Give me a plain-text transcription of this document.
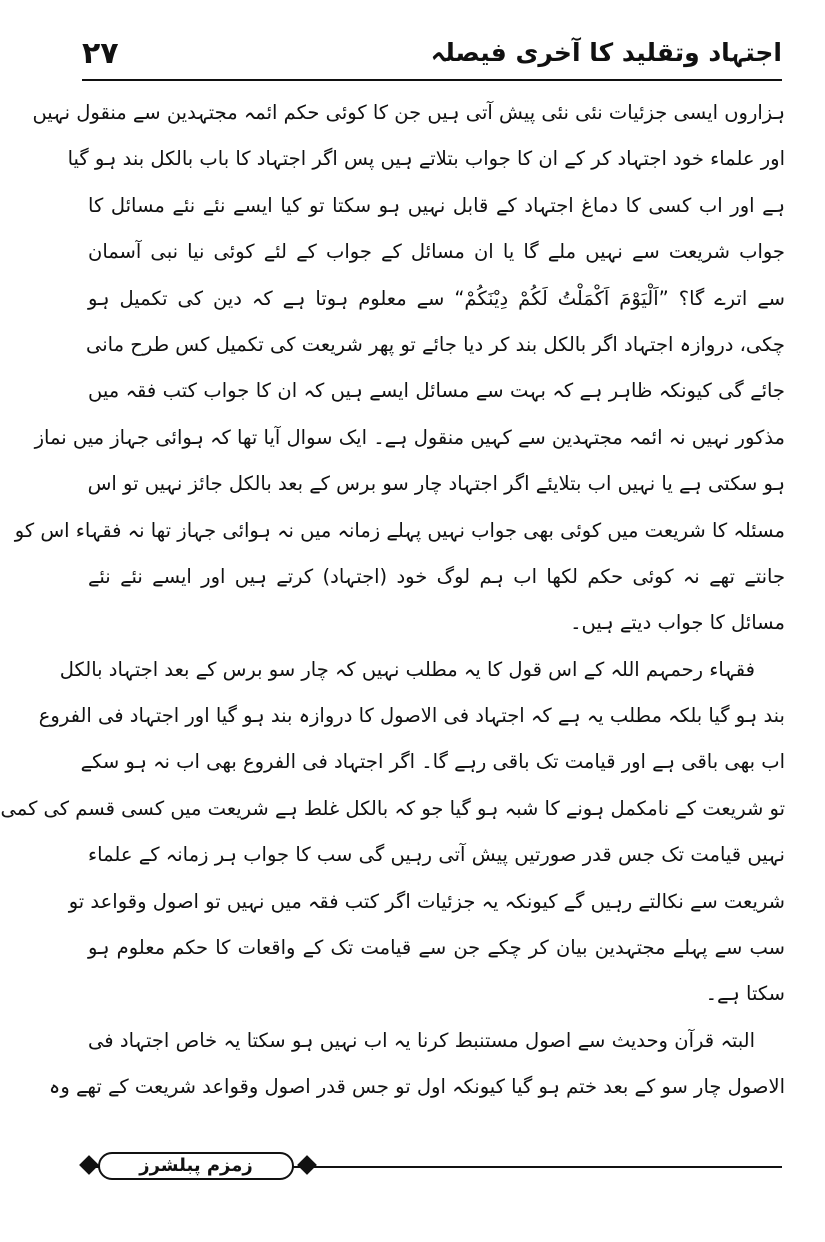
۲۷	اجتہاد وتقلید کا آخری فیصلہ
ہزاروں ایسی جزئیات نئی نئی پیش آتی ہیں جن کا کوئی حکم ائمہ مجتہدین سے منقول نہیں
اور علماء خود اجتہاد کر کے ان کا جواب بتلاتے ہیں پس اگر اجتہاد کا باب بالکل بند ہو گیا
ہے اور اب کسی کا دماغ اجتہاد کے قابل نہیں ہو سکتا تو کیا ایسے نئے نئے مسائل کا
جواب شریعت سے نہیں ملے گا یا ان مسائل کے جواب کے لئے کوئی نیا نبی آسمان
سے اترے گا؟ ”اَلْیَوْمَ اَکْمَلْتُ لَکُمْ دِیْنَکُمْ“ سے معلوم ہوتا ہے کہ دین کی تکمیل ہو
چکی، دروازہ اجتہاد اگر بالکل بند کر دیا جائے تو پھر شریعت کی تکمیل کس طرح مانی
جائے گی کیونکہ ظاہر ہے کہ بہت سے مسائل ایسے ہیں کہ ان کا جواب کتب فقہ میں
مذکور نہیں نہ ائمہ مجتہدین سے کہیں منقول ہے۔ ایک سوال آیا تھا کہ ہوائی جہاز میں نماز
ہو سکتی ہے یا نہیں اب بتلایئے اگر اجتہاد چار سو برس کے بعد بالکل جائز نہیں تو اس
مسئلہ کا شریعت میں کوئی بھی جواب نہیں پہلے زمانہ میں نہ ہوائی جہاز تھا نہ فقہاء اس کو
جانتے تھے نہ کوئی حکم لکھا اب ہم لوگ خود (اجتہاد) کرتے ہیں اور ایسے نئے نئے
مسائل کا جواب دیتے ہیں۔
فقہاء رحمہم اللہ کے اس قول کا یہ مطلب نہیں کہ چار سو برس کے بعد اجتہاد بالکل
بند ہو گیا بلکہ مطلب یہ ہے کہ اجتہاد فی الاصول کا دروازہ بند ہو گیا اور اجتہاد فی الفروع
اب بھی باقی ہے اور قیامت تک باقی رہے گا۔ اگر اجتہاد فی الفروع بھی اب نہ ہو سکے
تو شریعت کے نامکمل ہونے کا شبہ ہو گیا جو کہ بالکل غلط ہے شریعت میں کسی قسم کی کمی
نہیں قیامت تک جس قدر صورتیں پیش آتی رہیں گی سب کا جواب ہر زمانہ کے علماء
شریعت سے نکالتے رہیں گے کیونکہ یہ جزئیات اگر کتب فقہ میں نہیں تو اصول وقواعد تو
سب سے پہلے مجتہدین بیان کر چکے جن سے قیامت تک کے واقعات کا حکم معلوم ہو
سکتا ہے۔
البتہ قرآن وحدیث سے اصول مستنبط کرنا یہ اب نہیں ہو سکتا یہ خاص اجتہاد فی
الاصول چار سو کے بعد ختم ہو گیا کیونکہ اول تو جس قدر اصول وقواعد شریعت کے تھے وہ
زمزم پبلشرز
